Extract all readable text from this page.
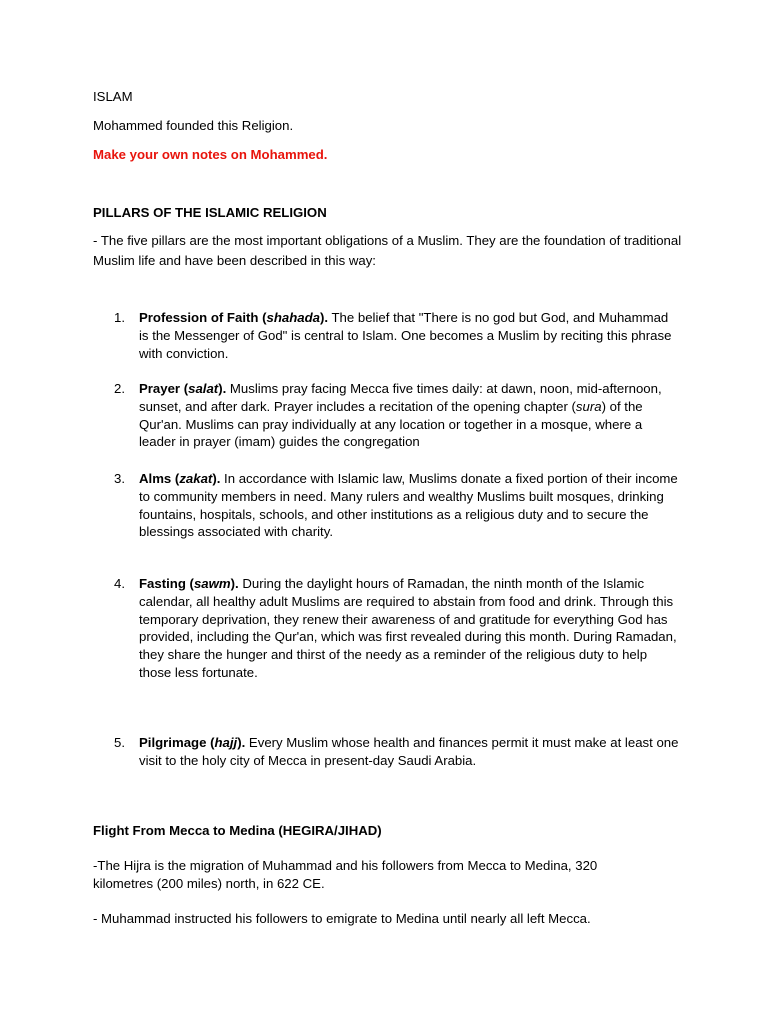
ISLAM

Mohammed founded this Religion.

Make your own notes on Mohammed.

PILLARS OF THE ISLAMIC RELIGION

- The five pillars are the most important obligations of a Muslim. They are the foundation of traditional Muslim life and have been described in this way:

1.	Profession of Faith (shahada). The belief that "There is no god but God, and Muhammad is the Messenger of God" is central to Islam. One becomes a Muslim by reciting this phrase with conviction.
2.	Prayer (salat). Muslims pray facing Mecca five times daily: at dawn, noon, mid-afternoon, sunset, and after dark. Prayer includes a recitation of the opening chapter (sura) of the Qur'an. Muslims can pray individually at any location or together in a mosque, where a leader in prayer (imam) guides the congregation
3.	Alms (zakat). In accordance with Islamic law, Muslims donate a fixed portion of their income to community members in need. Many rulers and wealthy Muslims built mosques, drinking fountains, hospitals, schools, and other institutions as a religious duty and to secure the blessings associated with charity.
4.	Fasting (sawm). During the daylight hours of Ramadan, the ninth month of the Islamic calendar, all healthy adult Muslims are required to abstain from food and drink. Through this temporary deprivation, they renew their awareness of and gratitude for everything God has provided, including the Qur'an, which was first revealed during this month. During Ramadan, they share the hunger and thirst of the needy as a reminder of the religious duty to help those less fortunate.
5.	Pilgrimage (hajj). Every Muslim whose health and finances permit it must make at least one visit to the holy city of Mecca in present-day Saudi Arabia.

Flight From Mecca to Medina (HEGIRA/JIHAD)

-The Hijra is the migration of Muhammad and his followers from Mecca to Medina, 320 kilometres (200 miles) north, in 622 CE.

- Muhammad instructed his followers to emigrate to Medina until nearly all left Mecca.
